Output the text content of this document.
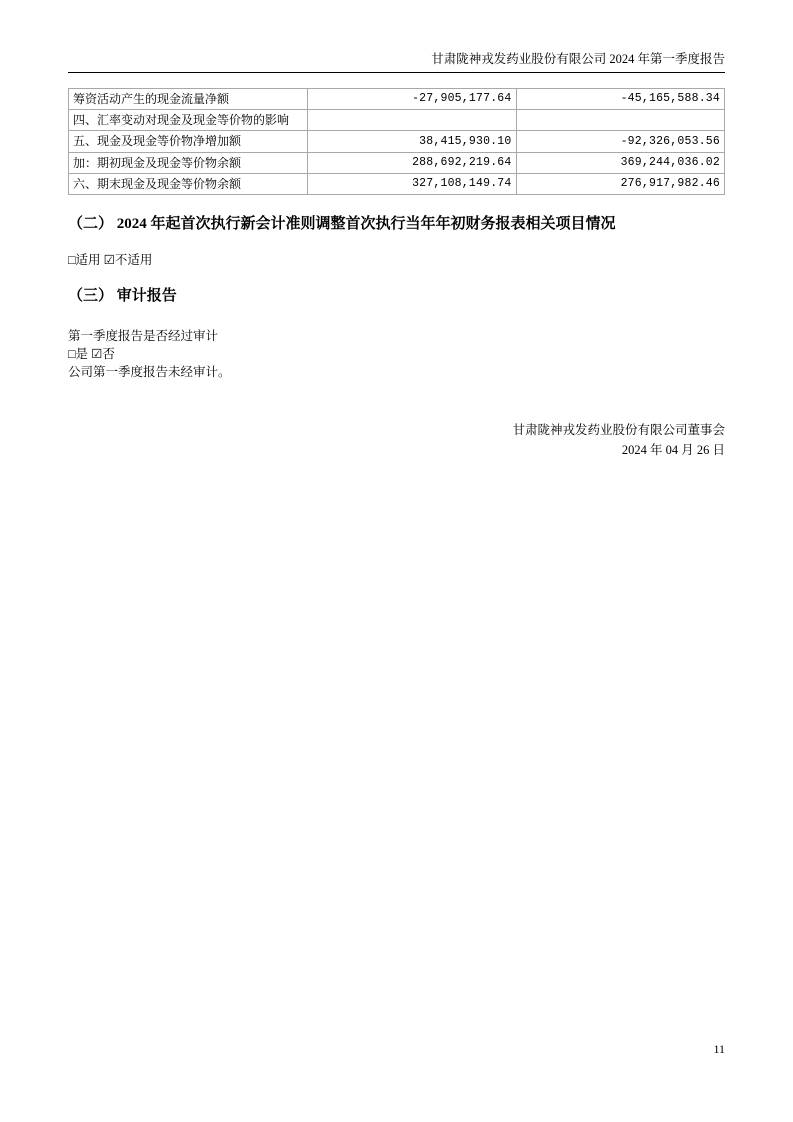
甘肃陇神戎发药业股份有限公司 2024 年第一季度报告
筹资活动产生的现金流量净额	-27,905,177.64	-45,165,588.34
四、汇率变动对现金及现金等价物的影响		
五、现金及现金等价物净增加额	38,415,930.10	-92,326,053.56
加：期初现金及现金等价物余额	288,692,219.64	369,244,036.02
六、期末现金及现金等价物余额	327,108,149.74	276,917,982.46
（二） 2024 年起首次执行新会计准则调整首次执行当年年初财务报表相关项目情况
□适用 ☑不适用
（三） 审计报告
第一季度报告是否经过审计
□是 ☑否
公司第一季度报告未经审计。
甘肃陇神戎发药业股份有限公司董事会
2024 年 04 月 26 日
11
